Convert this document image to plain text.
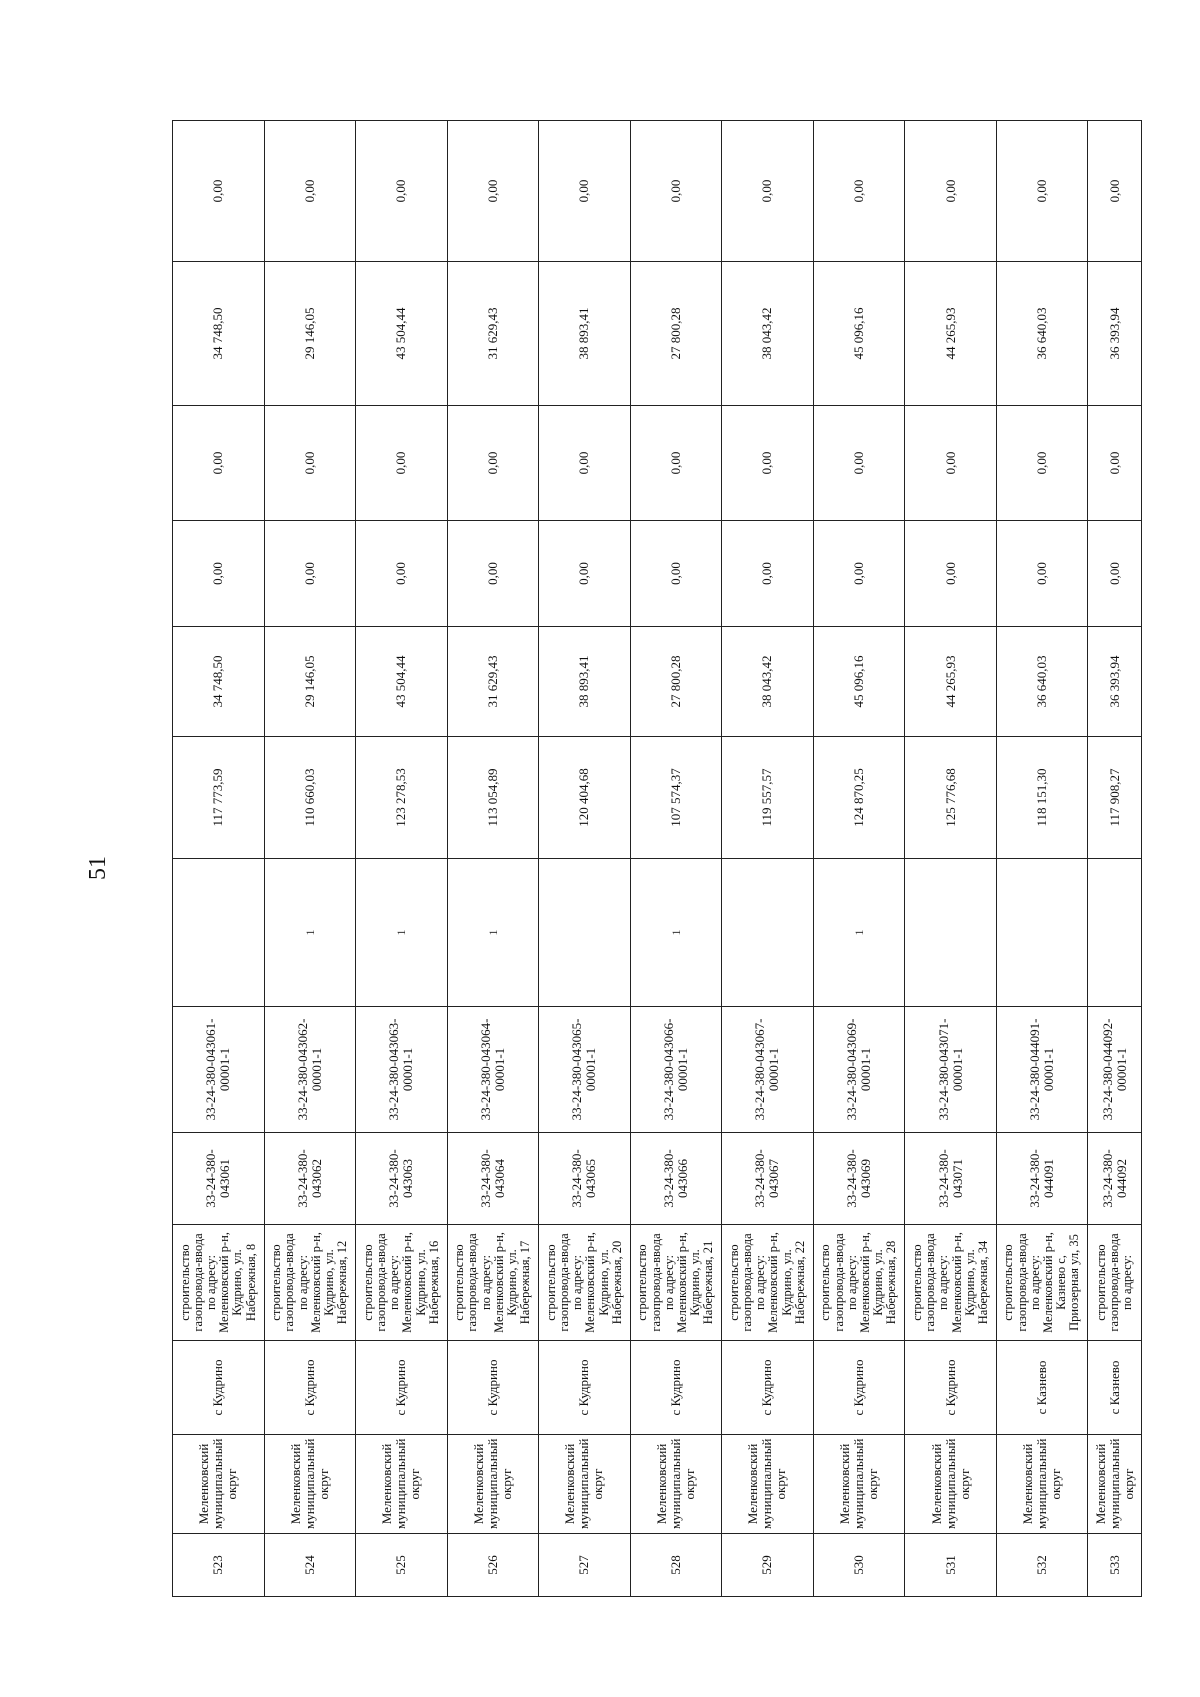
51
523	Меленковский муниципальный округ	с Кудрино	строительство газопровода-ввода по адресу: Меленковский р-н, Кудрино, ул. Набережная, 8	33-24-380-043061	33-24-380-043061-00001-1		117 773,59	34 748,50	0,00	0,00	34 748,50	0,00
524	Меленковский муниципальный округ	с Кудрино	строительство газопровода-ввода по адресу: Меленковский р-н, Кудрино, ул. Набережная, 12	33-24-380-043062	33-24-380-043062-00001-1	1	110 660,03	29 146,05	0,00	0,00	29 146,05	0,00
525	Меленковский муниципальный округ	с Кудрино	строительство газопровода-ввода по адресу: Меленковский р-н, Кудрино, ул. Набережная, 16	33-24-380-043063	33-24-380-043063-00001-1	1	123 278,53	43 504,44	0,00	0,00	43 504,44	0,00
526	Меленковский муниципальный округ	с Кудрино	строительство газопровода-ввода по адресу: Меленковский р-н, Кудрино, ул. Набережная, 17	33-24-380-043064	33-24-380-043064-00001-1	1	113 054,89	31 629,43	0,00	0,00	31 629,43	0,00
527	Меленковский муниципальный округ	с Кудрино	строительство газопровода-ввода по адресу: Меленковский р-н, Кудрино, ул. Набережная, 20	33-24-380-043065	33-24-380-043065-00001-1		120 404,68	38 893,41	0,00	0,00	38 893,41	0,00
528	Меленковский муниципальный округ	с Кудрино	строительство газопровода-ввода по адресу: Меленковский р-н, Кудрино, ул. Набережная, 21	33-24-380-043066	33-24-380-043066-00001-1	1	107 574,37	27 800,28	0,00	0,00	27 800,28	0,00
529	Меленковский муниципальный округ	с Кудрино	строительство газопровода-ввода по адресу: Меленковский р-н, Кудрино, ул. Набережная, 22	33-24-380-043067	33-24-380-043067-00001-1		119 557,57	38 043,42	0,00	0,00	38 043,42	0,00
530	Меленковский муниципальный округ	с Кудрино	строительство газопровода-ввода по адресу: Меленковский р-н, Кудрино, ул. Набережная, 28	33-24-380-043069	33-24-380-043069-00001-1	1	124 870,25	45 096,16	0,00	0,00	45 096,16	0,00
531	Меленковский муниципальный округ	с Кудрино	строительство газопровода-ввода по адресу: Меленковский р-н, Кудрино, ул. Набережная, 34	33-24-380-043071	33-24-380-043071-00001-1		125 776,68	44 265,93	0,00	0,00	44 265,93	0,00
532	Меленковский муниципальный округ	с Казнево	строительство газопровода-ввода по адресу: Меленковский р-н, Казнево с, Приозерная ул, 35	33-24-380-044091	33-24-380-044091-00001-1		118 151,30	36 640,03	0,00	0,00	36 640,03	0,00
533	Меленковский муниципальный округ	с Казнево	строительство газопровода-ввода по адресу:	33-24-380-044092	33-24-380-044092-00001-1		117 908,27	36 393,94	0,00	0,00	36 393,94	0,00
